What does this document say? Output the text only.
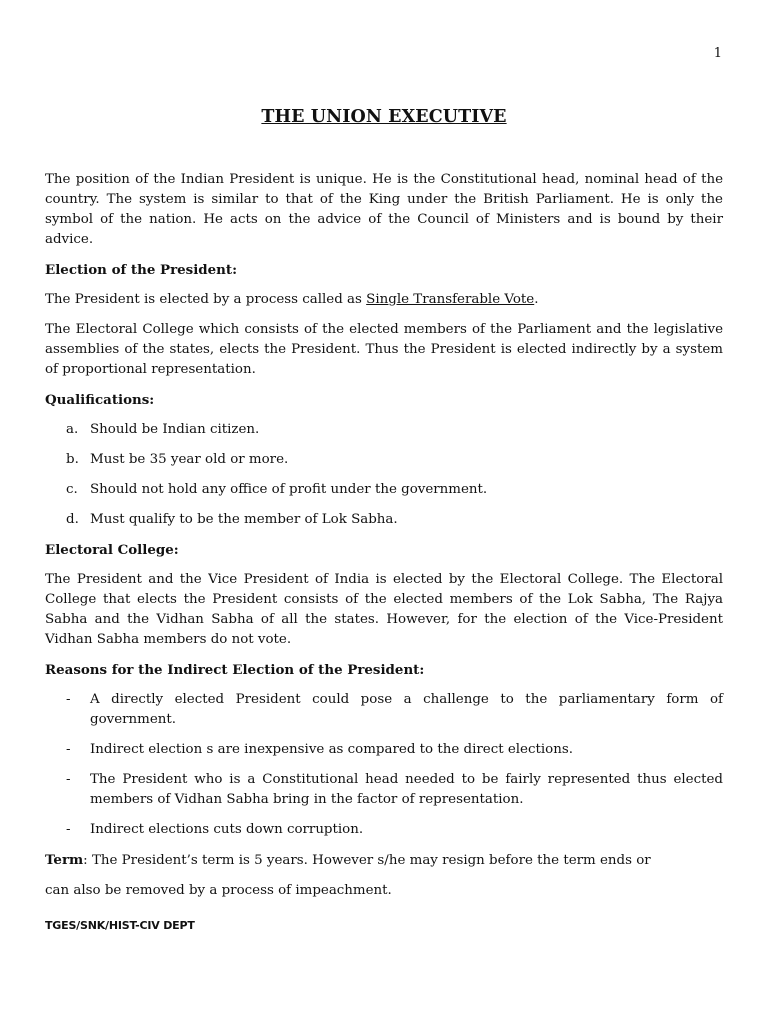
1
THE UNION EXECUTIVE

The position of the Indian President is unique. He is the Constitutional head, nominal head of the country. The system is similar to that of the King under the British Parliament. He is only the symbol of the nation. He acts on the advice of the Council of Ministers and is bound by their advice.

Election of the President:

The President is elected by a process called as Single Transferable Vote.

The Electoral College which consists of the elected members of the Parliament and the legislative assemblies of the states, elects the President. Thus the President is elected indirectly by a system of proportional representation.

Qualifications:

a. Should be Indian citizen.
b. Must be 35 year old or more.
c. Should not hold any office of profit under the government.
d. Must qualify to be the member of Lok Sabha.

Electoral College:

The President and the Vice President of India is elected by the Electoral College. The Electoral College that elects the President consists of the elected members of the Lok Sabha, The Rajya Sabha and the Vidhan Sabha of all the states. However, for the election of the Vice-President Vidhan Sabha members do not vote.

Reasons for the Indirect Election of the President:

- A directly elected President could pose a challenge to the parliamentary form of government.
- Indirect election s are inexpensive as compared to the direct elections.
- The President who is a Constitutional head needed to be fairly represented thus elected members of Vidhan Sabha bring in the factor of representation.
- Indirect elections cuts down corruption.

Term: The President’s term is 5 years. However s/he may resign before the term ends or

can also be removed by a process of impeachment.

TGES/SNK/HIST-CIV DEPT
